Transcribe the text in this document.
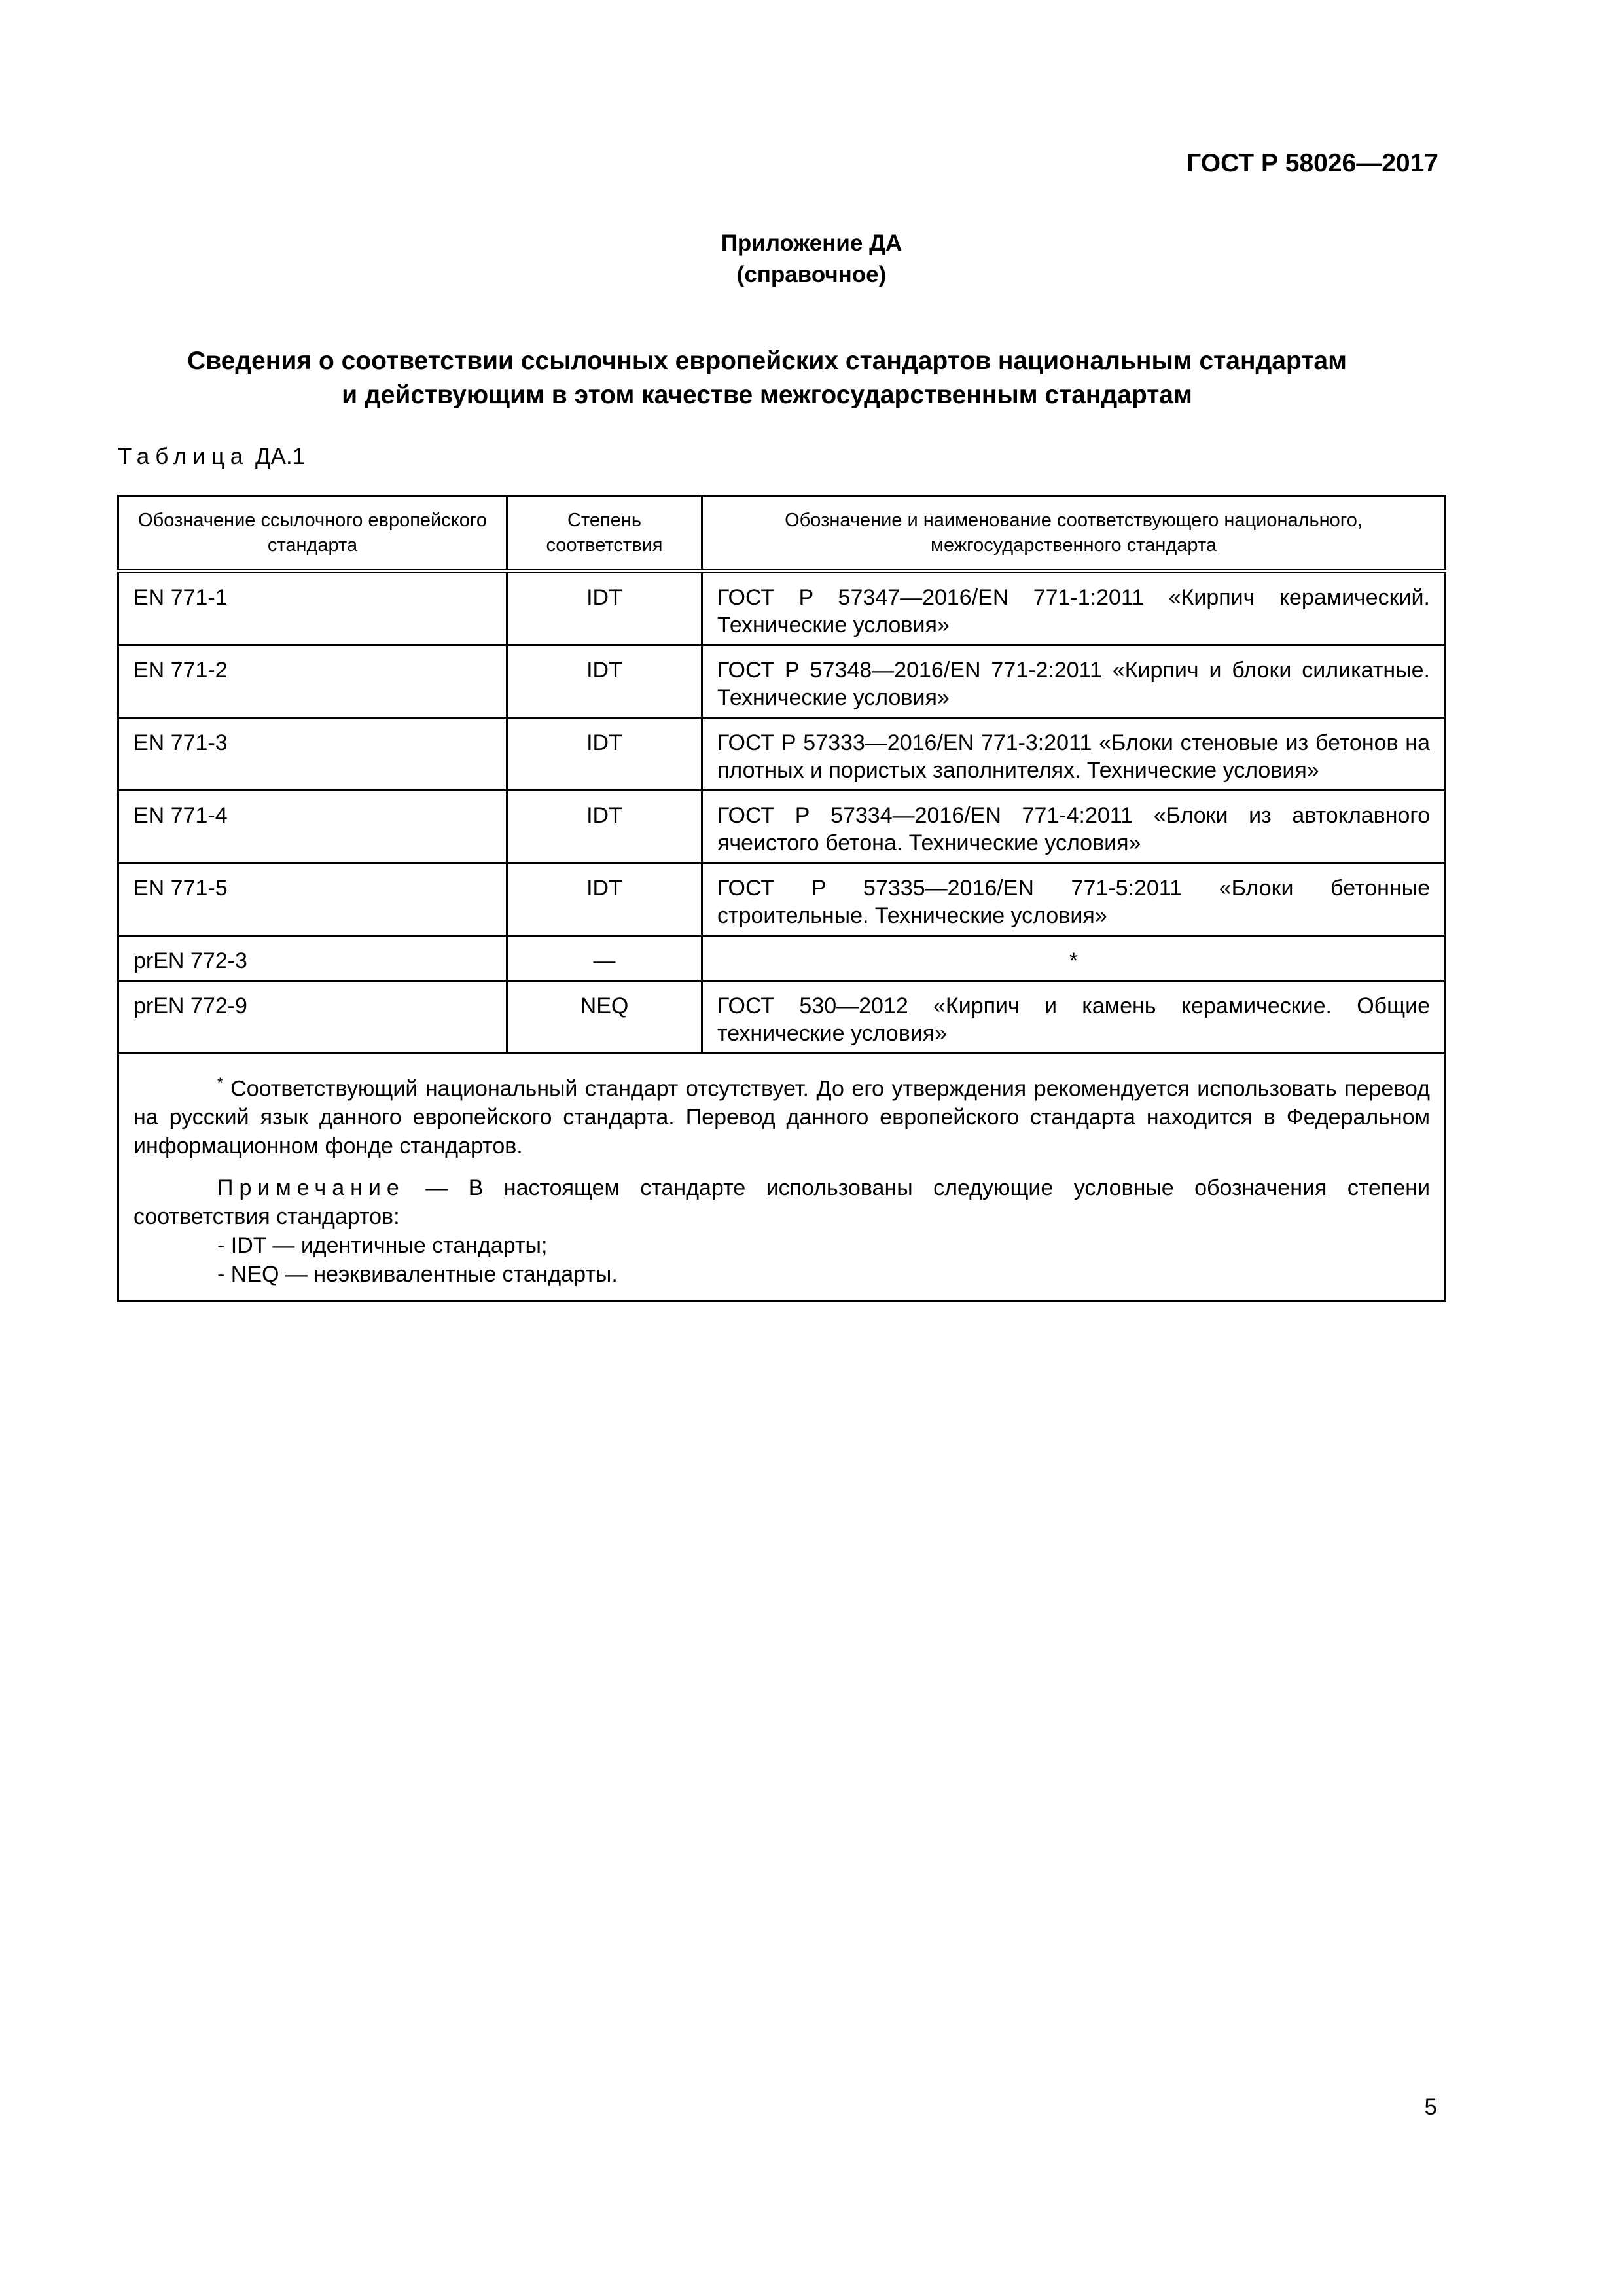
ГОСТ Р 58026—2017
Приложение ДА
(справочное)
Сведения о соответствии ссылочных европейских стандартов национальным стандартам
и действующим в этом качестве межгосударственным стандартам
Таблица ДА.1
Обозначение ссылочного европейского стандарта	Степень соответствия	Обозначение и наименование соответствующего национального, межгосударственного стандарта
EN 771-1	IDT	ГОСТ Р 57347—2016/EN 771-1:2011 «Кирпич керамический. Технические условия»
EN 771-2	IDT	ГОСТ Р 57348—2016/EN 771-2:2011 «Кирпич и блоки силикатные. Технические условия»
EN 771-3	IDT	ГОСТ Р 57333—2016/EN 771-3:2011 «Блоки стеновые из бетонов на плотных и пористых заполнителях. Технические условия»
EN 771-4	IDT	ГОСТ Р 57334—2016/EN 771-4:2011 «Блоки из автоклавного ячеистого бетона. Технические условия»
EN 771-5	IDT	ГОСТ Р 57335—2016/EN 771-5:2011 «Блоки бетонные строительные. Технические условия»
prEN 772-3	—	*
prEN 772-9	NEQ	ГОСТ 530—2012 «Кирпич и камень керамические. Общие технические условия»

* Соответствующий национальный стандарт отсутствует. До его утверждения рекомендуется использовать перевод на русский язык данного европейского стандарта. Перевод данного европейского стандарта находится в Федеральном информационном фонде стандартов.

Примечание — В настоящем стандарте использованы следующие условные обозначения степени соответствия стандартов:

- IDT — идентичные стандарты;

- NEQ — неэквивалентные стандарты.		

5
